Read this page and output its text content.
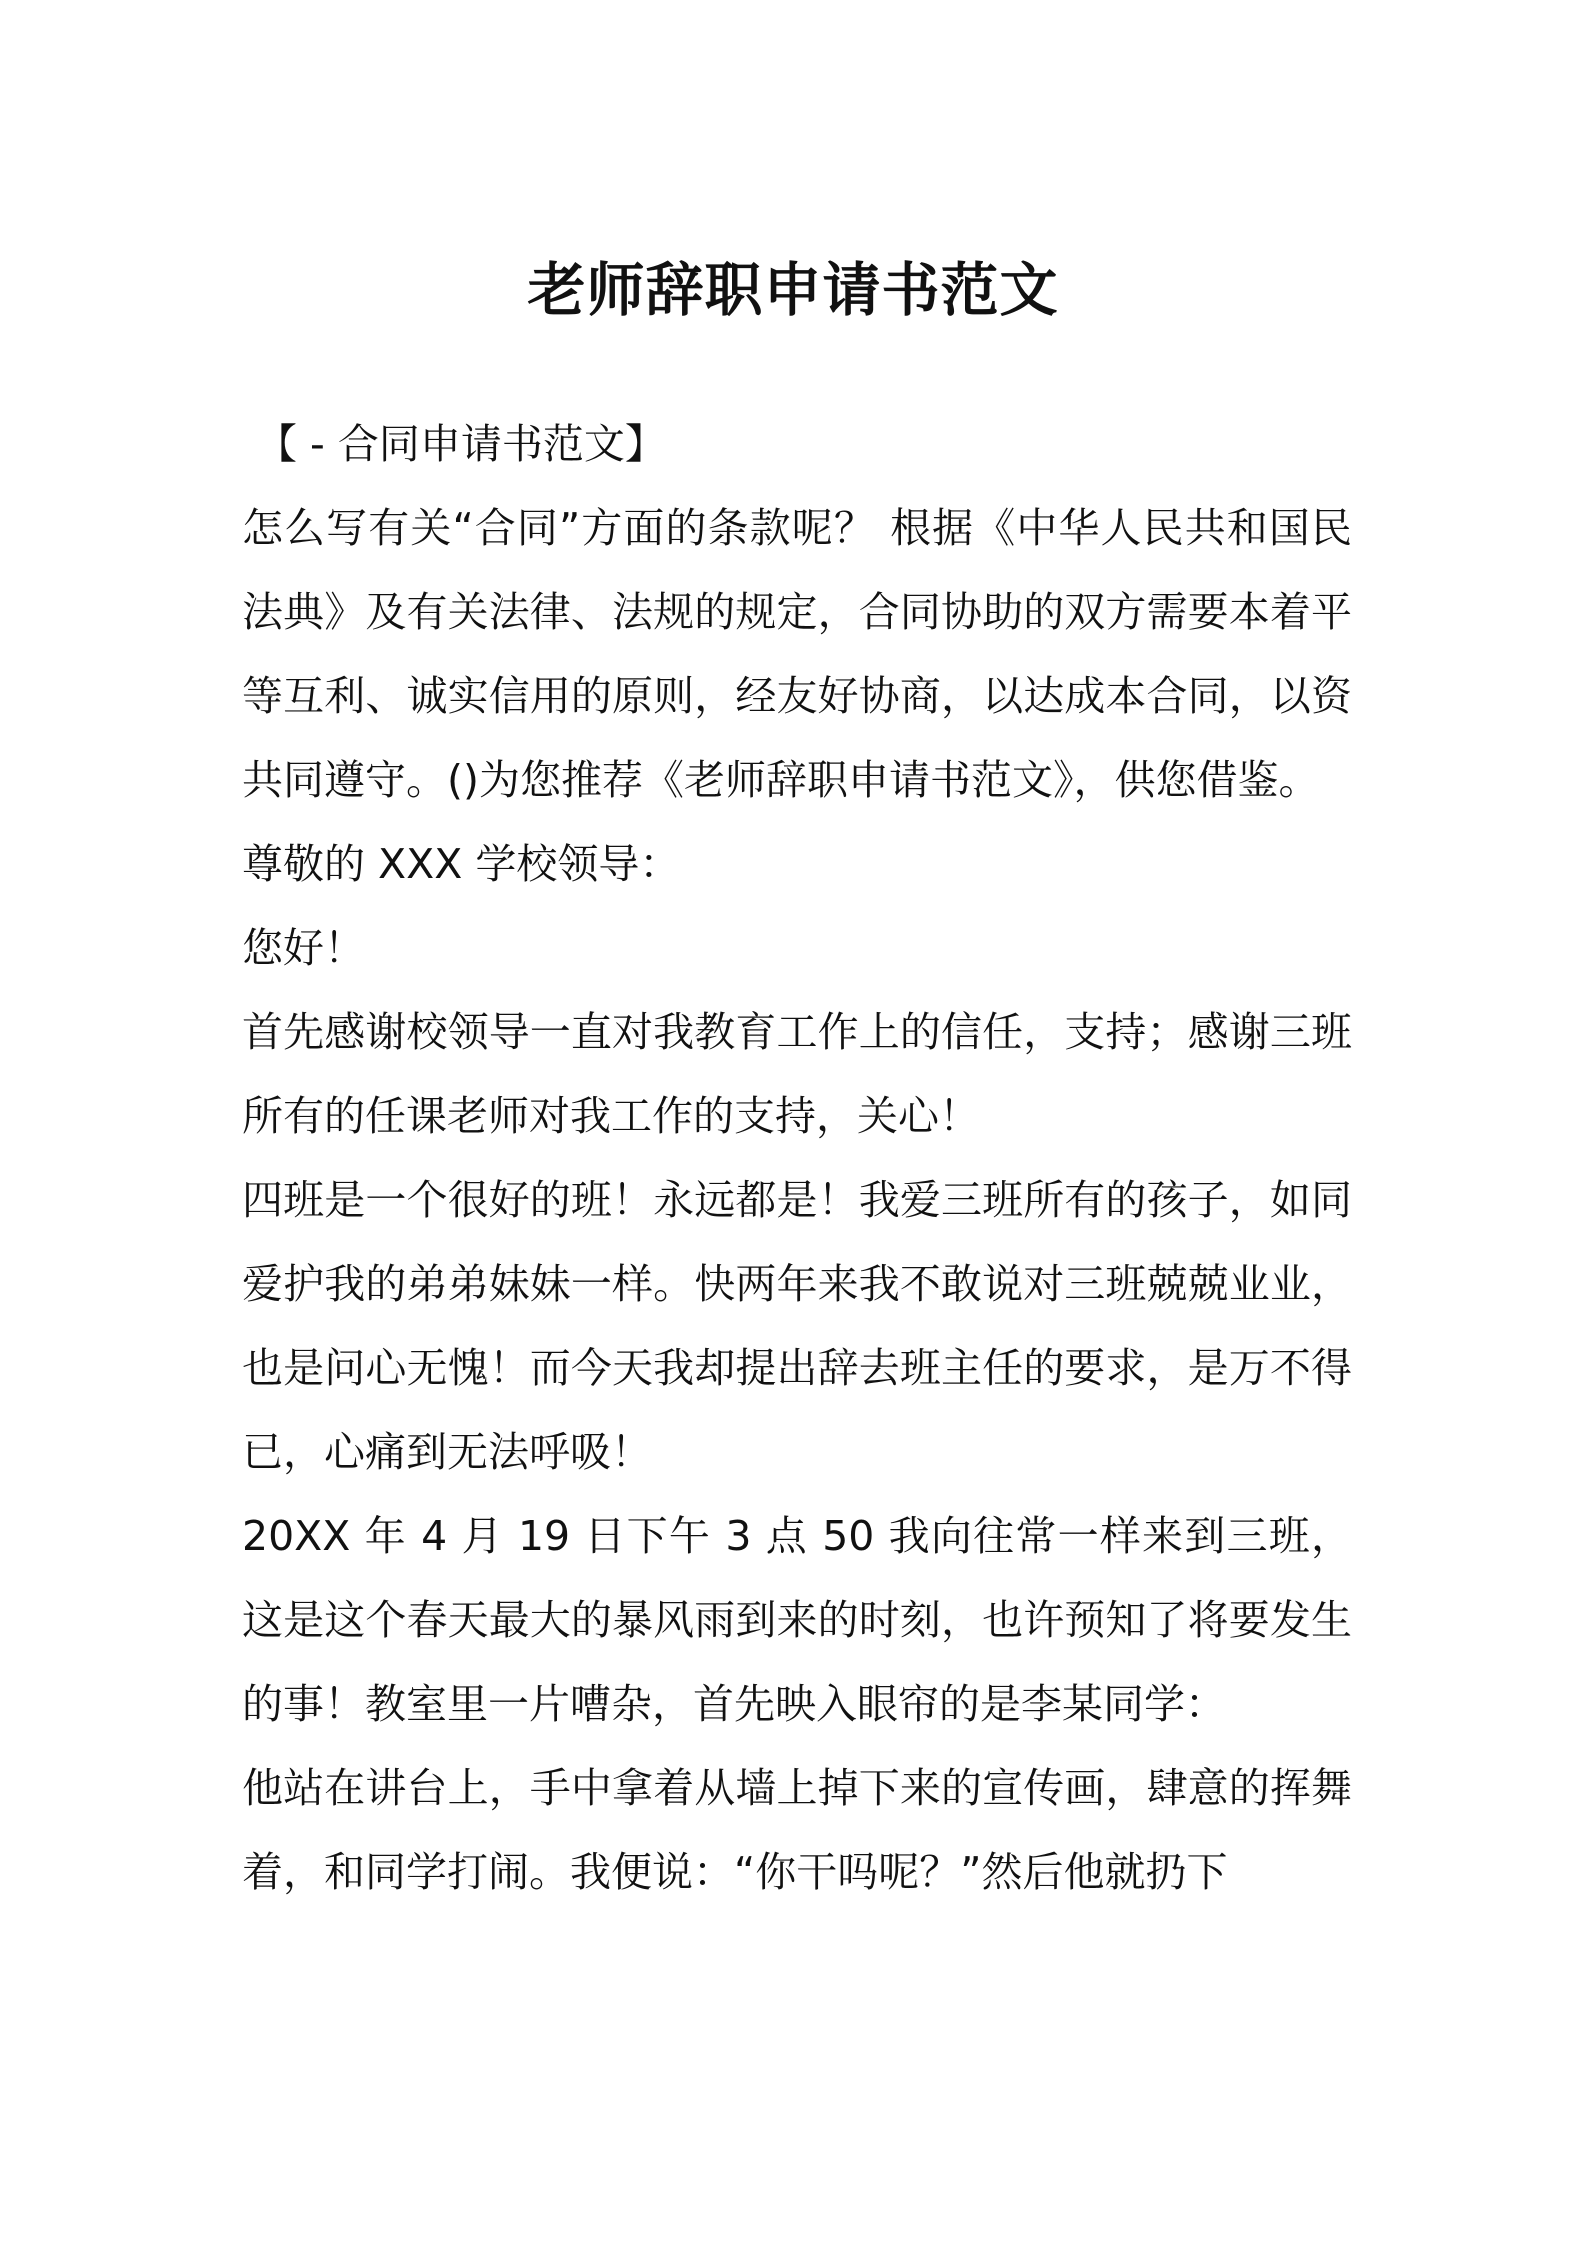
老师辞职申请书范文

【 - 合同申请书范文】

怎么写有关“合同”方面的条款呢？ 根据《中华人民共和国民法典》及有关法律、法规的规定，合同协助的双方需要本着平等互利、诚实信用的原则，经友好协商，以达成本合同，以资共同遵守。()为您推荐《老师辞职申请书范文》，供您借鉴。

尊敬的 XXX 学校领导：

您好！

首先感谢校领导一直对我教育工作上的信任，支持；感谢三班所有的任课老师对我工作的支持，关心！

四班是一个很好的班！永远都是！我爱三班所有的孩子，如同爱护我的弟弟妹妹一样。快两年来我不敢说对三班兢兢业业，也是问心无愧！而今天我却提出辞去班主任的要求，是万不得已，心痛到无法呼吸！

20XX 年 4 月 19 日下午 3 点 50 我向往常一样来到三班，这是这个春天最大的暴风雨到来的时刻，也许预知了将要发生的事！教室里一片嘈杂，首先映入眼帘的是李某同学：

他站在讲台上，手中拿着从墙上掉下来的宣传画，肆意的挥舞着，和同学打闹。我便说：“你干吗呢？”然后他就扔下
